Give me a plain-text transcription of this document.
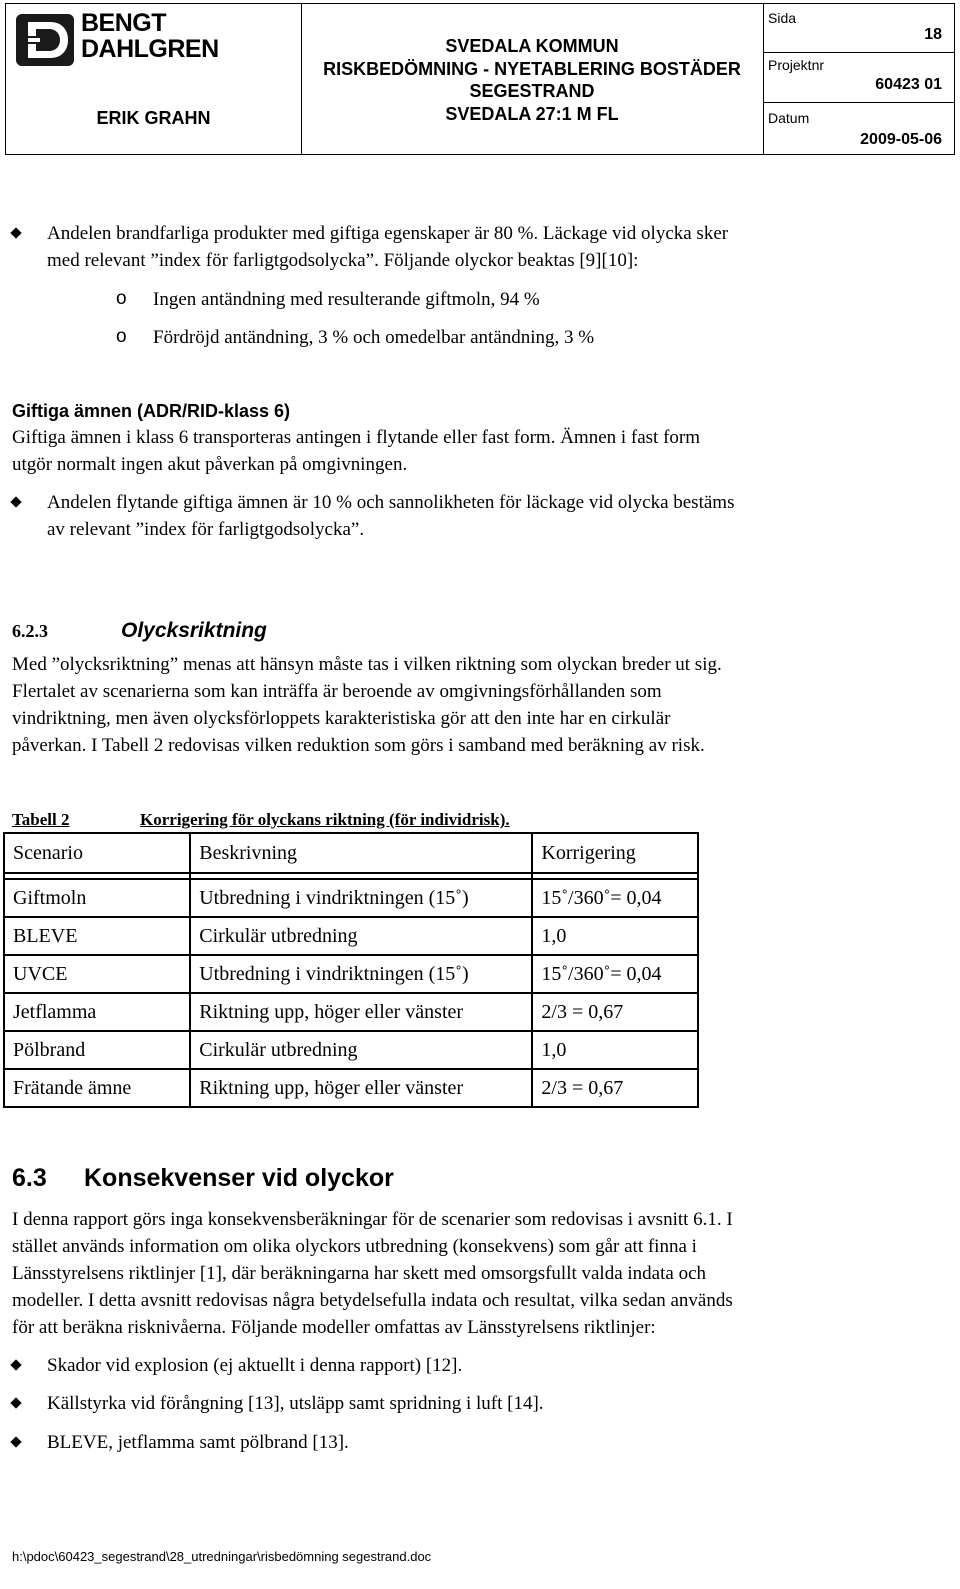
BENGT
DAHLGREN
ERIK GRAHN
SVEDALA KOMMUN
RISKBEDÖMNING - NYETABLERING BOSTÄDER
SEGESTRAND
SVEDALA 27:1 M FL
Sida
18
Projektnr
60423 01
Datum
2009-05-06
Andelen brandfarliga produkter med giftiga egenskaper är 80 %. Läckage vid olycka sker
med relevant ”index för farligtgodsolycka”. Följande olyckor beaktas [9][10]:
o Ingen antändning med resulterande giftmoln, 94 %
o Fördröjd antändning, 3 % och omedelbar antändning, 3 %
Giftiga ämnen (ADR/RID-klass 6)
Giftiga ämnen i klass 6 transporteras antingen i flytande eller fast form. Ämnen i fast form
utgör normalt ingen akut påverkan på omgivningen.
Andelen flytande giftiga ämnen är 10 % och sannolikheten för läckage vid olycka bestäms
av relevant ”index för farligtgodsolycka”.
6.2.3	Olycksriktning
Med ”olycksriktning” menas att hänsyn måste tas i vilken riktning som olyckan breder ut sig.
Flertalet av scenarierna som kan inträffa är beroende av omgivningsförhållanden som
vindriktning, men även olycksförloppets karakteristiska gör att den inte har en cirkulär
påverkan. I Tabell 2 redovisas vilken reduktion som görs i samband med beräkning av risk.
Tabell 2	Korrigering för olyckans riktning (för individrisk).
Scenario	Beskrivning	Korrigering

Giftmoln	Utbredning i vindriktningen (15˚)	15˚/360˚= 0,04
BLEVE	Cirkulär utbredning	1,0
UVCE	Utbredning i vindriktningen (15˚)	15˚/360˚= 0,04
Jetflamma	Riktning upp, höger eller vänster	2/3 = 0,67
Pölbrand	Cirkulär utbredning	1,0
Frätande ämne	Riktning upp, höger eller vänster	2/3 = 0,67
6.3 Konsekvenser vid olyckor
I denna rapport görs inga konsekvensberäkningar för de scenarier som redovisas i avsnitt 6.1. I
stället används information om olika olyckors utbredning (konsekvens) som går att finna i
Länsstyrelsens riktlinjer [1], där beräkningarna har skett med omsorgsfullt valda indata och
modeller. I detta avsnitt redovisas några betydelsefulla indata och resultat, vilka sedan används
för att beräkna risknivåerna. Följande modeller omfattas av Länsstyrelsens riktlinjer:
Skador vid explosion (ej aktuellt i denna rapport) [12].
Källstyrka vid förångning [13], utsläpp samt spridning i luft [14].
BLEVE, jetflamma samt pölbrand [13].
h:\pdoc\60423_segestrand\28_utredningar\risbedömning segestrand.doc
